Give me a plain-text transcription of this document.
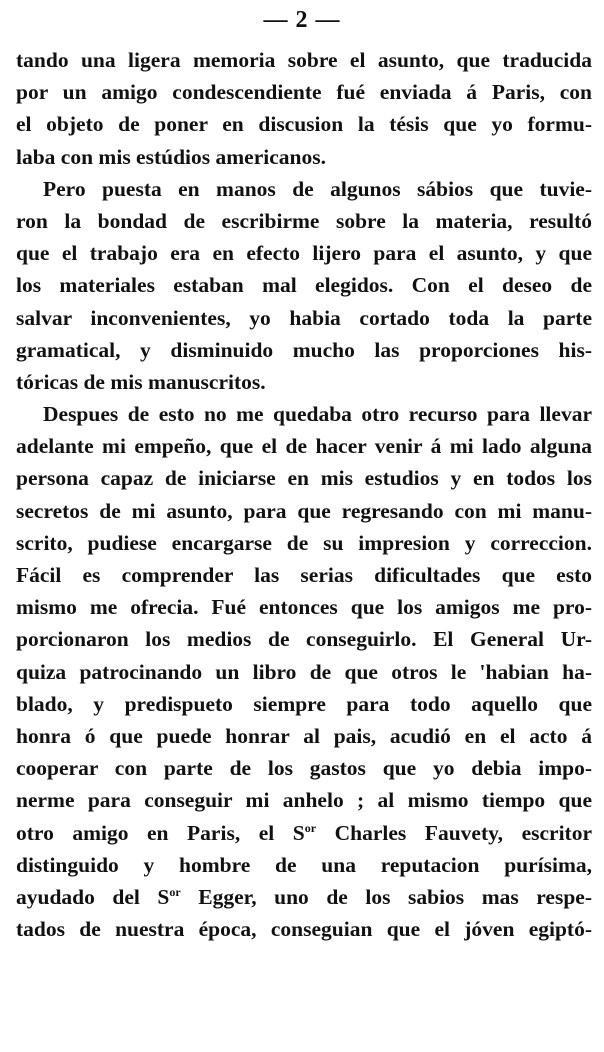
— 2 —
tando una ligera memoria sobre el asunto, que traducida
por un amigo condescendiente fué enviada á Paris, con
el objeto de poner en discusion la tésis que yo formu-
laba con mis estúdios americanos.
Pero puesta en manos de algunos sábios que tuvie-
ron la bondad de escribirme sobre la materia, resultó
que el trabajo era en efecto lijero para el asunto, y que
los materiales estaban mal elegidos. Con el deseo de
salvar inconvenientes, yo habia cortado toda la parte
gramatical, y disminuido mucho las proporciones his-
tóricas de mis manuscritos.
Despues de esto no me quedaba otro recurso para llevar
adelante mi empeño, que el de hacer venir á mi lado alguna
persona capaz de iniciarse en mis estudios y en todos los
secretos de mi asunto, para que regresando con mi manu-
scrito, pudiese encargarse de su impresion y correccion.
Fácil es comprender las serias dificultades que esto
mismo me ofrecia. Fué entonces que los amigos me pro-
porcionaron los medios de conseguirlo. El General Ur-
quiza patrocinando un libro de que otros le 'habian ha-
blado, y predispueto siempre para todo aquello que
honra ó que puede honrar al pais, acudió en el acto á
cooperar con parte de los gastos que yo debia impo-
nerme para conseguir mi anhelo ; al mismo tiempo que
otro amigo en Paris, el $S^{or}$ Charles Fauvety, escritor
distinguido y hombre de una reputacion purísima,
ayudado del $S^{or}$ Egger, uno de los sabios mas respe-
tados de nuestra época, conseguian que el jóven egiptó-
